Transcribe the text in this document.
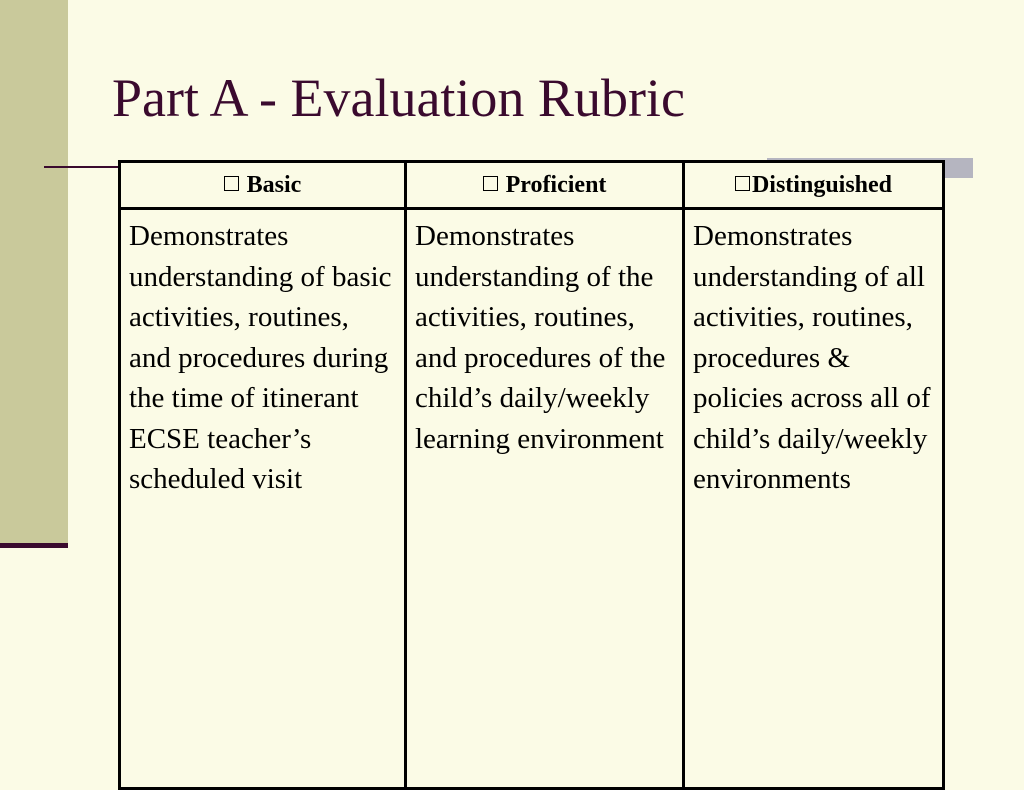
Part A - Evaluation Rubric
Basic	Proficient	Distinguished
Demonstrates understanding of basic activities, routines, and procedures during the time of itinerant ECSE teacher’s scheduled visit	Demonstrates understanding of the activities, routines, and procedures of the child’s daily/weekly learning environment	Demonstrates understanding of all activities, routines, procedures & policies across all of child’s daily/weekly environments
